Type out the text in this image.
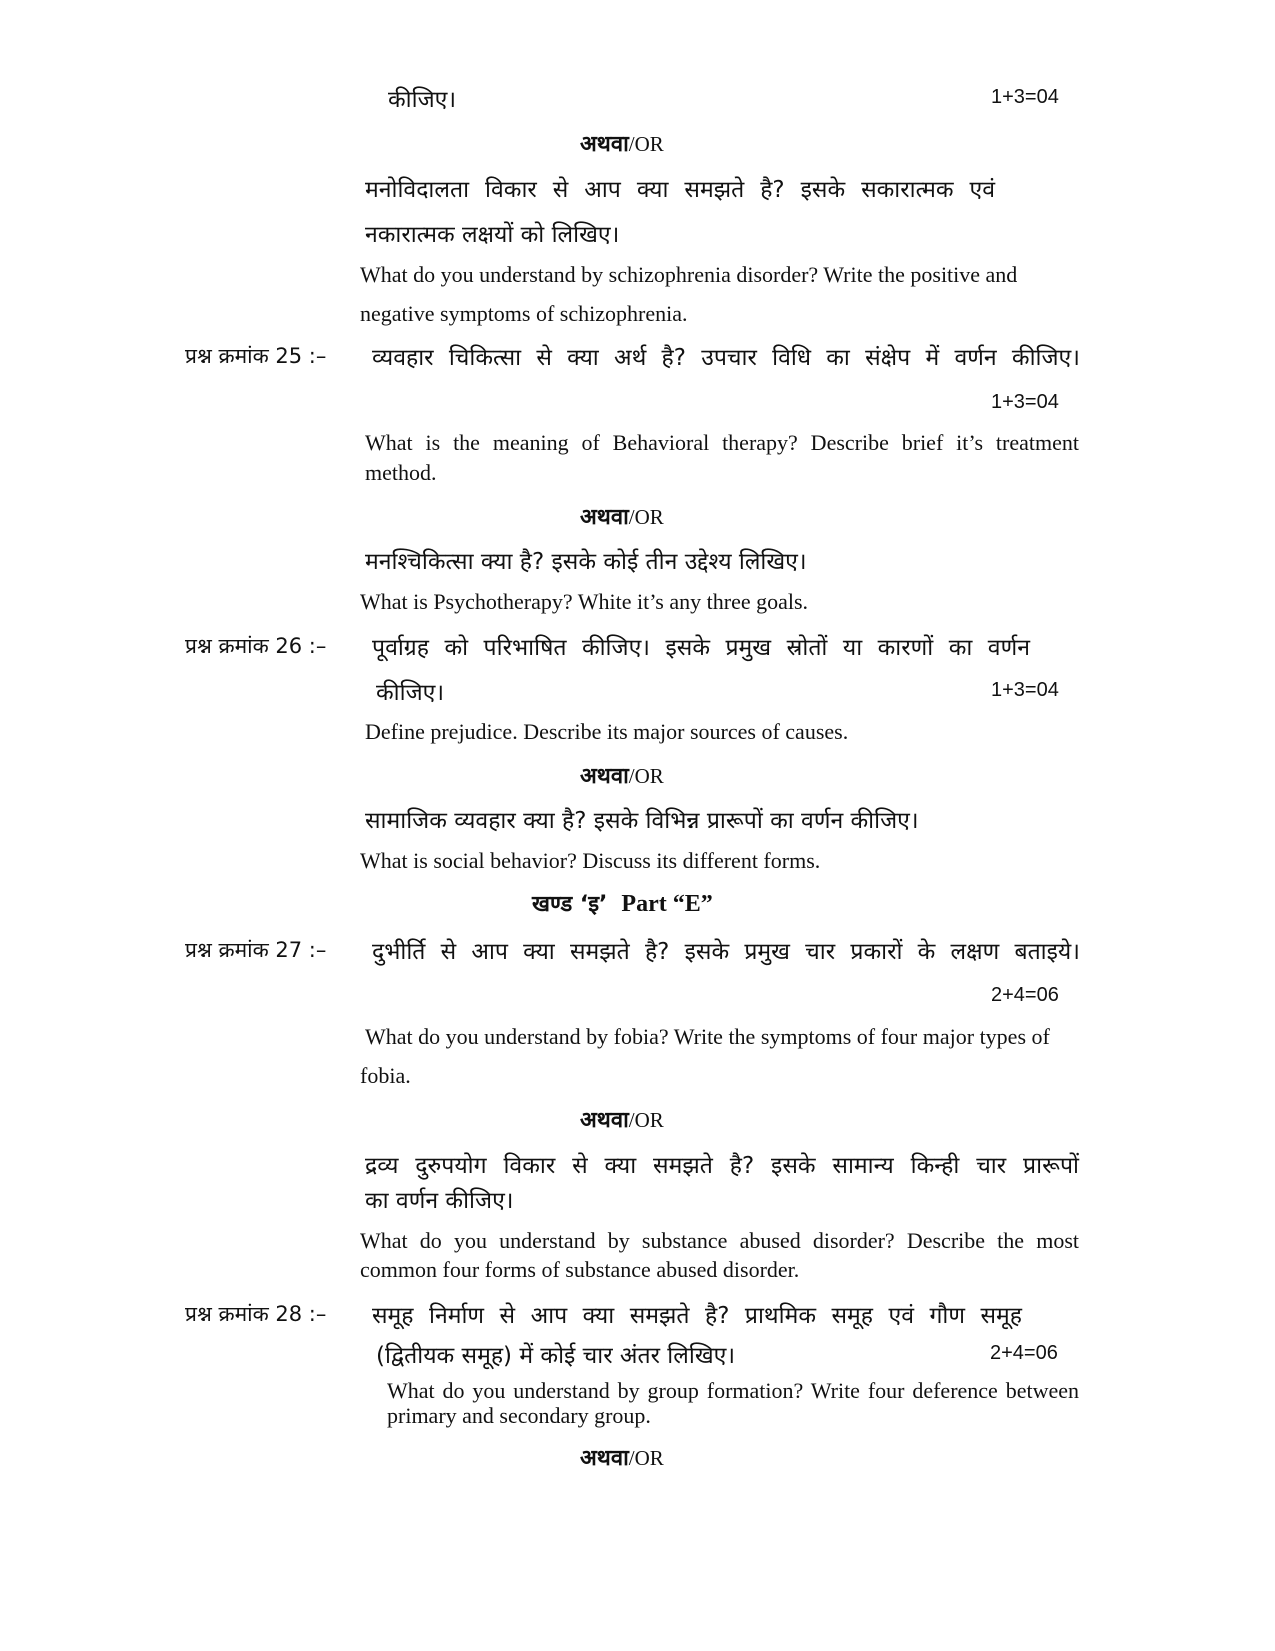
कीजिए।	1+3=04
अथवा/OR
मनोविदालता विकार से आप क्या समझते है? इसके सकारात्मक एवं
नकारात्मक लक्षयों को लिखिए।
What do you understand by schizophrenia disorder? Write the positive and
negative symptoms of schizophrenia.
प्रश्न क्रमांक 25 :– व्यवहार चिकित्सा से क्या अर्थ है? उपचार विधि का संक्षेप में वर्णन कीजिए।
1+3=04
What is the meaning of Behavioral therapy? Describe brief it’s treatment
method.
अथवा/OR
मनश्चिकित्सा क्या है? इसके कोई तीन उद्देश्य लिखिए।
What is Psychotherapy? White it’s any three goals.
प्रश्न क्रमांक 26 :– पूर्वाग्रह को परिभाषित कीजिए। इसके प्रमुख स्रोतों या कारणों का वर्णन
कीजिए।	1+3=04
Define prejudice. Describe its major sources of causes.
अथवा/OR
सामाजिक व्यवहार क्या है? इसके विभिन्न प्रारूपों का वर्णन कीजिए।
What is social behavior? Discuss its different forms.
खण्ड ‘इ’ Part “E”
प्रश्न क्रमांक 27 :– दुभीर्ति से आप क्या समझते है? इसके प्रमुख चार प्रकारों के लक्षण बताइये।
2+4=06
What do you understand by fobia? Write the symptoms of four major types of
fobia.
अथवा/OR
द्रव्य दुरुपयोग विकार से क्या समझते है? इसके सामान्य किन्ही चार प्रारूपों
का वर्णन कीजिए।
What do you understand by substance abused disorder? Describe the most
common four forms of substance abused disorder.
प्रश्न क्रमांक 28 :– समूह निर्माण से आप क्या समझते है? प्राथमिक समूह एवं गौण समूह
(द्वितीयक समूह) में कोई चार अंतर लिखिए।	2+4=06
What do you understand by group formation? Write four deference between
primary and secondary group.
अथवा/OR
